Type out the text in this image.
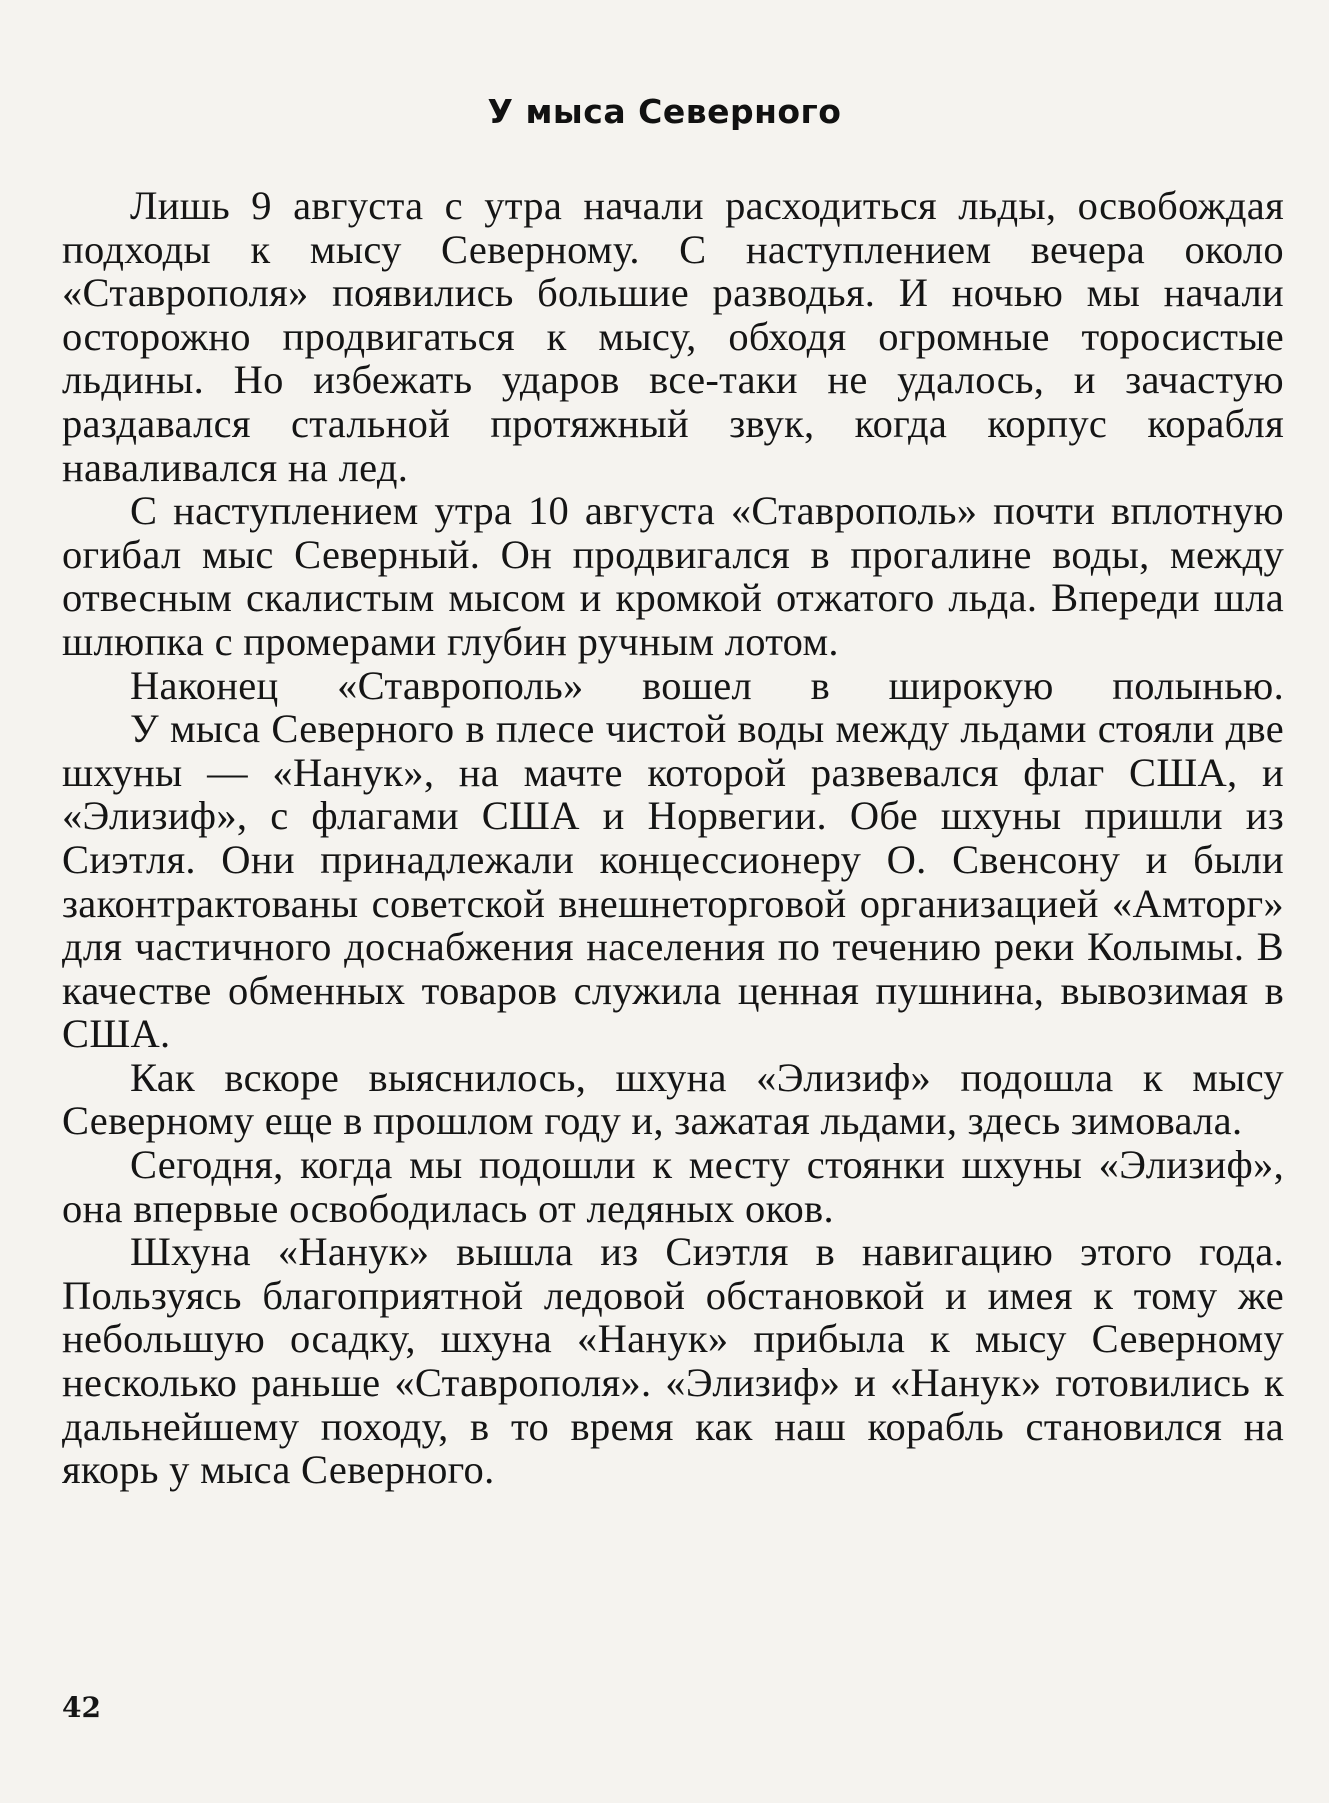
У мыса Северного

Лишь 9 августа с утра начали расходиться льды, освобождая подходы к мысу Северному. С наступлением вечера около «Ставрополя» появились большие разводья. И ночью мы начали осторожно продвигаться к мысу, обходя огромные торосистые льдины. Но избежать ударов все-таки не удалось, и зачастую раздавался стальной протяжный звук, когда корпус корабля наваливался на лед.

С наступлением утра 10 августа «Ставрополь» почти вплотную огибал мыс Северный. Он продвигался в прогалине воды, между отвесным скалистым мысом и кромкой отжатого льда. Впереди шла шлюпка с промерами глубин ручным лотом.

Наконец «Ставрополь» вошел в широкую полынью.

У мыса Северного в плесе чистой воды между льдами стояли две шхуны — «Нанук», на мачте которой развевался флаг США, и «Элизиф», с флагами США и Норвегии. Обе шхуны пришли из Сиэтля. Они принадлежали концессионеру О. Свенсону и были законтрактованы советской внешнеторговой организацией «Амторг» для частичного доснабжения населения по течению реки Колымы. В качестве обменных товаров служила ценная пушнина, вывозимая в США.

Как вскоре выяснилось, шхуна «Элизиф» подошла к мысу Северному еще в прошлом году и, зажатая льдами, здесь зимовала.

Сегодня, когда мы подошли к месту стоянки шхуны «Элизиф», она впервые освободилась от ледяных оков.

Шхуна «Нанук» вышла из Сиэтля в навигацию этого года. Пользуясь благоприятной ледовой обстановкой и имея к тому же небольшую осадку, шхуна «Нанук» прибыла к мысу Северному несколько раньше «Ставрополя». «Элизиф» и «Нанук» готовились к дальнейшему походу, в то время как наш корабль становился на якорь у мыса Северного.

42
